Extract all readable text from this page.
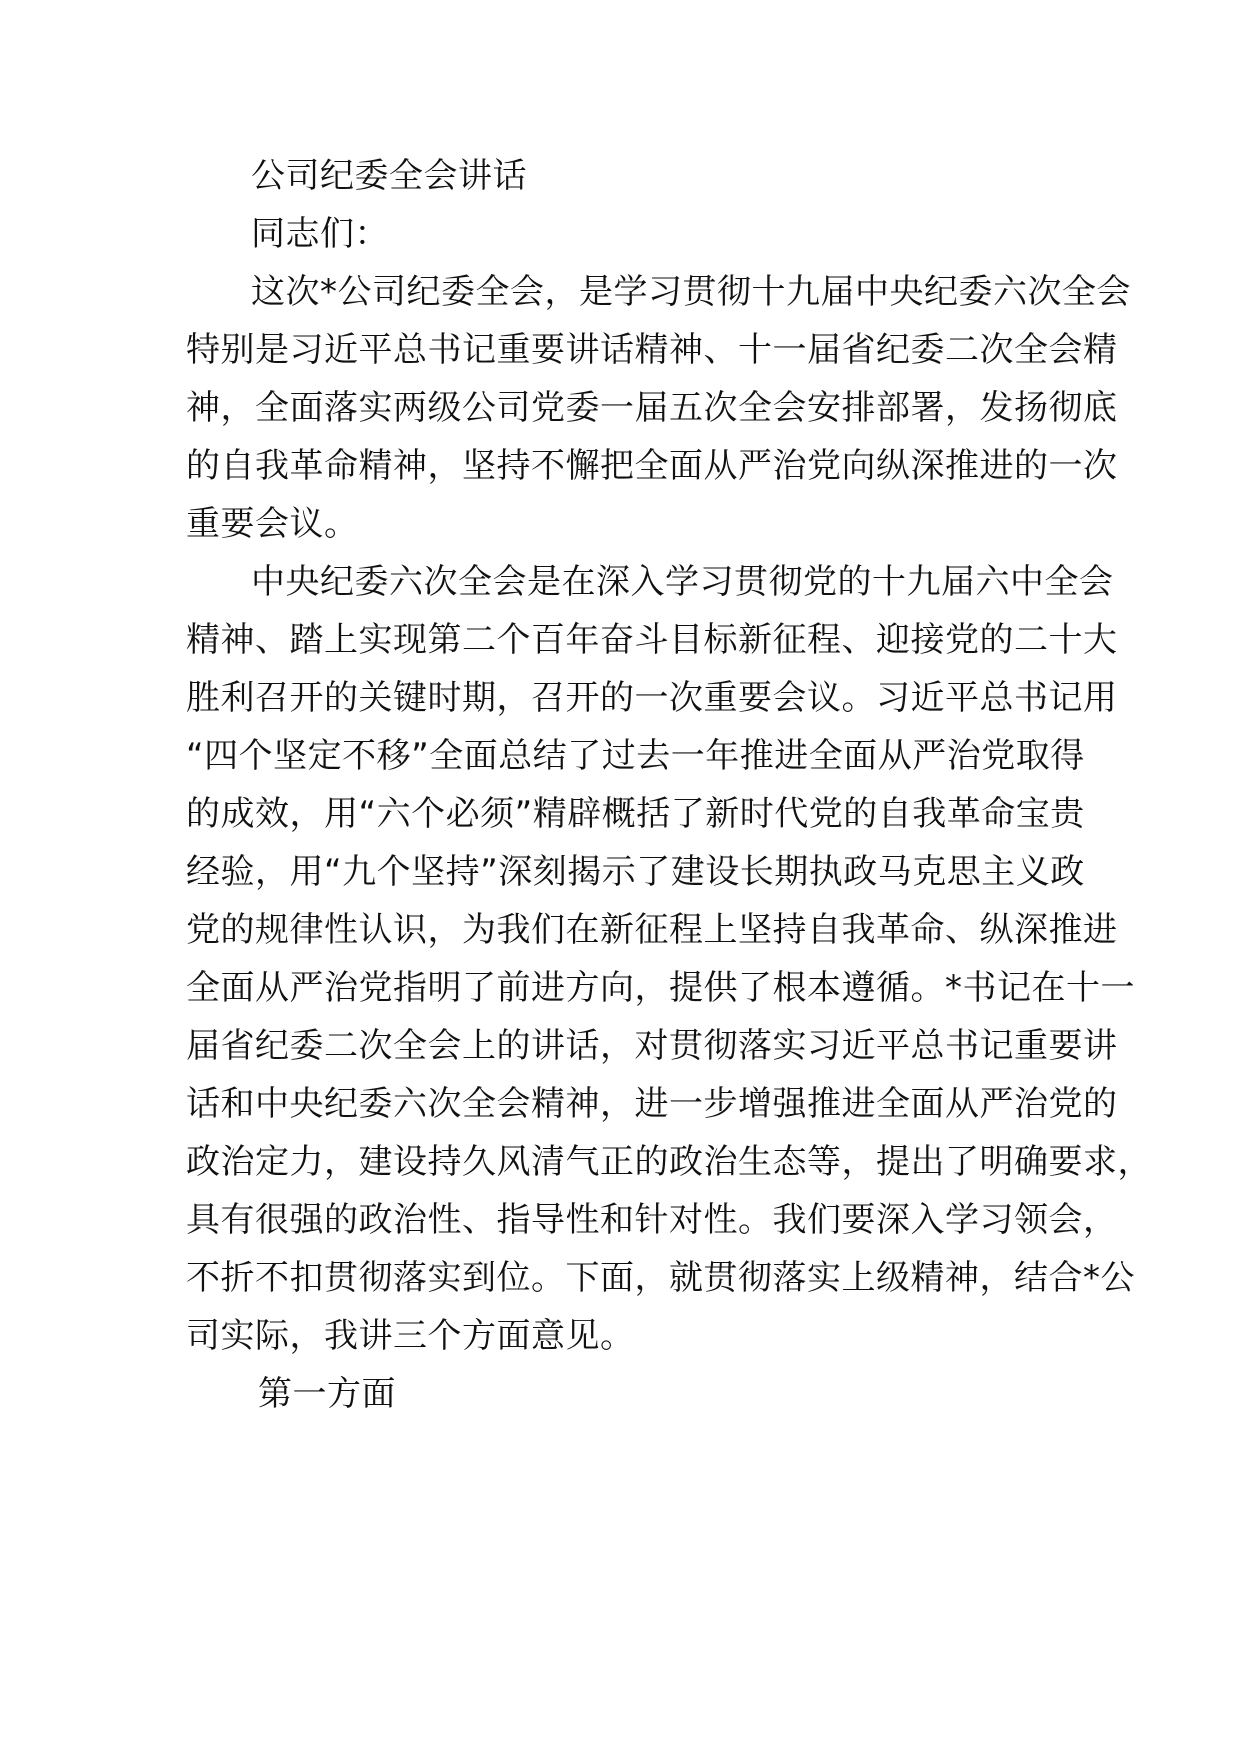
公司纪委全会讲话
同志们：
这次*公司纪委全会，是学习贯彻十九届中央纪委六次全会
特别是习近平总书记重要讲话精神、十一届省纪委二次全会精
神，全面落实两级公司党委一届五次全会安排部署，发扬彻底
的自我革命精神，坚持不懈把全面从严治党向纵深推进的一次
重要会议。
中央纪委六次全会是在深入学习贯彻党的十九届六中全会
精神、踏上实现第二个百年奋斗目标新征程、迎接党的二十大
胜利召开的关键时期，召开的一次重要会议。习近平总书记用
“四个坚定不移”全面总结了过去一年推进全面从严治党取得
的成效，用“六个必须”精辟概括了新时代党的自我革命宝贵
经验，用“九个坚持”深刻揭示了建设长期执政马克思主义政
党的规律性认识，为我们在新征程上坚持自我革命、纵深推进
全面从严治党指明了前进方向，提供了根本遵循。*书记在十一
届省纪委二次全会上的讲话，对贯彻落实习近平总书记重要讲
话和中央纪委六次全会精神，进一步增强推进全面从严治党的
政治定力，建设持久风清气正的政治生态等，提出了明确要求，
具有很强的政治性、指导性和针对性。我们要深入学习领会，
不折不扣贯彻落实到位。下面，就贯彻落实上级精神，结合*公
司实际，我讲三个方面意见。
第一方面
